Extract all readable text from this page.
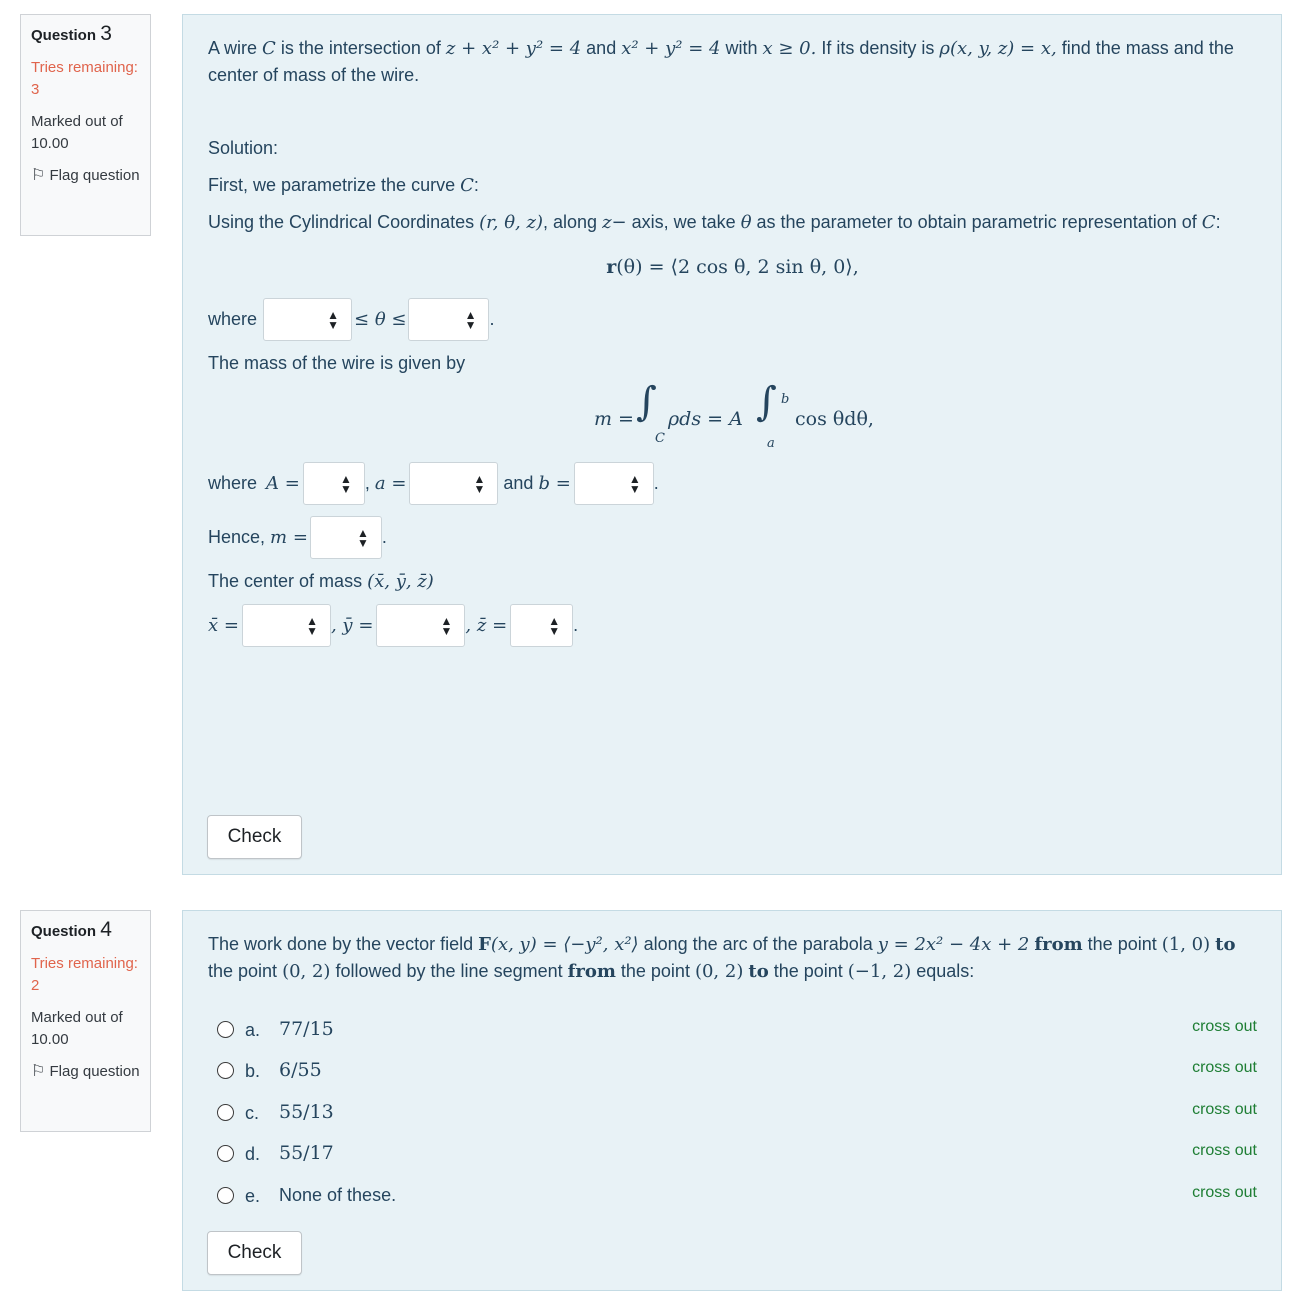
Question 3
Tries remaining: 3
Marked out of 10.00
⚐ Flag question

A wire C is the intersection of z + x² + y² = 4 and x² + y² = 4 with x ≥ 0. If its density is ρ(x, y, z) = x, find the mass and the center of mass of the wire.

Solution:

First, we parametrize the curve C:

Using the Cylindrical Coordinates (r, θ, z), along z− axis, we take θ as the parameter to obtain parametric representation of C:

r(θ) = ⟨2 cos θ, 2 sin θ, 0⟩,

where	▲
▼ ≤ θ ≤	▲
▼ .

The mass of the wire is given by

m = ∫
C
ρds = A ∫ b
a
cos θdθ,
where A =	▲
▼ , a =	▲
▼ and b =	▲
▼ .
Hence, m =	▲
▼ .

The center of mass (x̄, ȳ, z̄)

x̄ =	▲
▼ , ȳ =	▲
▼ , z̄ =	▲
▼ .
Check
Question 4
Tries remaining: 2
Marked out of 10.00
⚐ Flag question

The work done by the vector field F(x, y) = ⟨−y², x²⟩ along the arc of the parabola y = 2x² − 4x + 2 from the point (1, 0) to the point (0, 2) followed by the line segment from the point (0, 2) to the point (−1, 2) equals:

a. 77/15	cross out
b. 6/55	cross out
c. 55/13	cross out
d. 55/17	cross out
e. None of these.	cross out
Check
